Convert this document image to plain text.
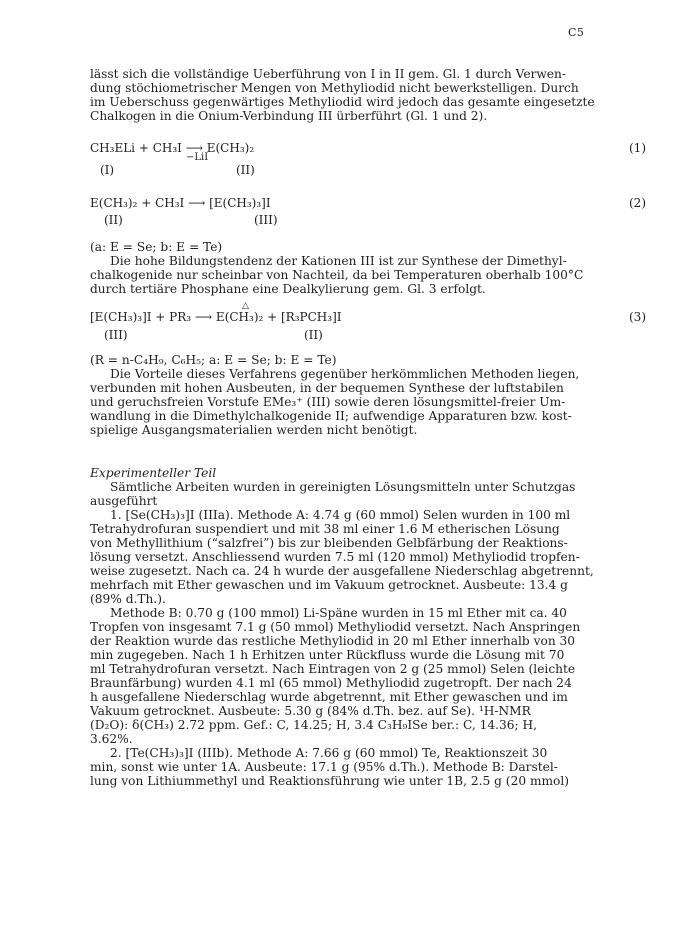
C5
lässt sich die vollständige Ueberführung von I in II gem. Gl. 1 durch Verwen-
dung stöchiometrischer Mengen von Methyliodid nicht bewerkstelligen. Durch
im Ueberschuss gegenwärtiges Methyliodid wird jedoch das gesamte eingesetzte
Chalkogen in die Onium-Verbindung III ürberführt (Gl. 1 und 2).
CH₃ELi + CH₃I ⟶ E(CH₃)₂	(1)
−LiI
(I)	(II)
E(CH₃)₂ + CH₃I ⟶ [E(CH₃)₃]I	(2)
(II)	(III)
(a: E = Se; b: E = Te)
Die hohe Bildungstendenz der Kationen III ist zur Synthese der Dimethyl-
chalkogenide nur scheinbar von Nachteil, da bei Temperaturen oberhalb 100°C
durch tertiäre Phosphane eine Dealkylierung gem. Gl. 3 erfolgt.
[E(CH₃)₃]I + PR₃ ⟶ E(CH₃)₂ + [R₃PCH₃]I	(3)
△
(III)	(II)
(R = n-C₄H₉, C₆H₅; a: E = Se; b: E = Te)
Die Vorteile dieses Verfahrens gegenüber herkömmlichen Methoden liegen,
verbunden mit hohen Ausbeuten, in der bequemen Synthese der luftstabilen
und geruchsfreien Vorstufe EMe₃⁺ (III) sowie deren lösungsmittel-freier Um-
wandlung in die Dimethylchalkogenide II; aufwendige Apparaturen bzw. kost-
spielige Ausgangsmaterialien werden nicht benötigt.
Experimenteller Teil
Sämtliche Arbeiten wurden in gereinigten Lösungsmitteln unter Schutzgas
ausgeführt
1. [Se(CH₃)₃]I (IIIa). Methode A: 4.74 g (60 mmol) Selen wurden in 100 ml
Tetrahydrofuran suspendiert und mit 38 ml einer 1.6 M etherischen Lösung
von Methyllithium (“salzfrei”) bis zur bleibenden Gelbfärbung der Reaktions-
lösung versetzt. Anschliessend wurden 7.5 ml (120 mmol) Methyliodid tropfen-
weise zugesetzt. Nach ca. 24 h wurde der ausgefallene Niederschlag abgetrennt,
mehrfach mit Ether gewaschen und im Vakuum getrocknet. Ausbeute: 13.4 g
(89% d.Th.).
Methode B: 0.70 g (100 mmol) Li-Späne wurden in 15 ml Ether mit ca. 40
Tropfen von insgesamt 7.1 g (50 mmol) Methyliodid versetzt. Nach Anspringen
der Reaktion wurde das restliche Methyliodid in 20 ml Ether innerhalb von 30
min zugegeben. Nach 1 h Erhitzen unter Rückfluss wurde die Lösung mit 70
ml Tetrahydrofuran versetzt. Nach Eintragen von 2 g (25 mmol) Selen (leichte
Braunfärbung) wurden 4.1 ml (65 mmol) Methyliodid zugetropft. Der nach 24
h ausgefallene Niederschlag wurde abgetrennt, mit Ether gewaschen und im
Vakuum getrocknet. Ausbeute: 5.30 g (84% d.Th. bez. auf Se). ¹H-NMR
(D₂O): δ(CH₃) 2.72 ppm. Gef.: C, 14.25; H, 3.4 C₃H₉ISe ber.: C, 14.36; H,
3.62%.
2. [Te(CH₃)₃]I (IIIb). Methode A: 7.66 g (60 mmol) Te, Reaktionszeit 30
min, sonst wie unter 1A. Ausbeute: 17.1 g (95% d.Th.). Methode B: Darstel-
lung von Lithiummethyl und Reaktionsführung wie unter 1B, 2.5 g (20 mmol)
